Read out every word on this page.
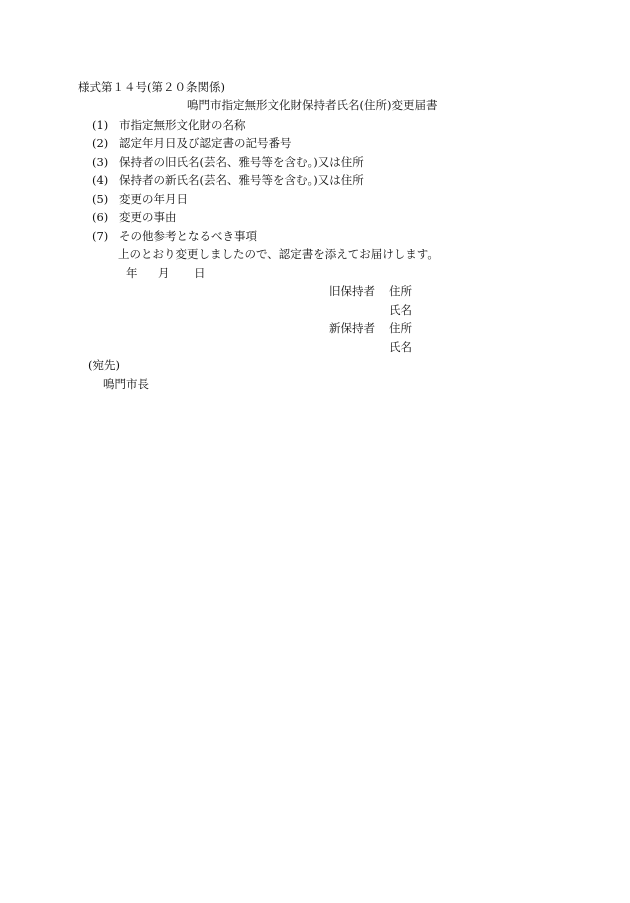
様式第１４号(第２０条関係)
鳴門市指定無形文化財保持者氏名(住所)変更届書
(1) 市指定無形文化財の名称
(2) 認定年月日及び認定書の記号番号
(3) 保持者の旧氏名(芸名、雅号等を含む。)又は住所
(4) 保持者の新氏名(芸名、雅号等を含む。)又は住所
(5) 変更の年月日
(6) 変更の事由
(7) その他参考となるべき事項
上のとおり変更しましたので、認定書を添えてお届けします。
年 月 日
旧保持者 住所
氏名
新保持者 住所
氏名
(宛先)
鳴門市長
